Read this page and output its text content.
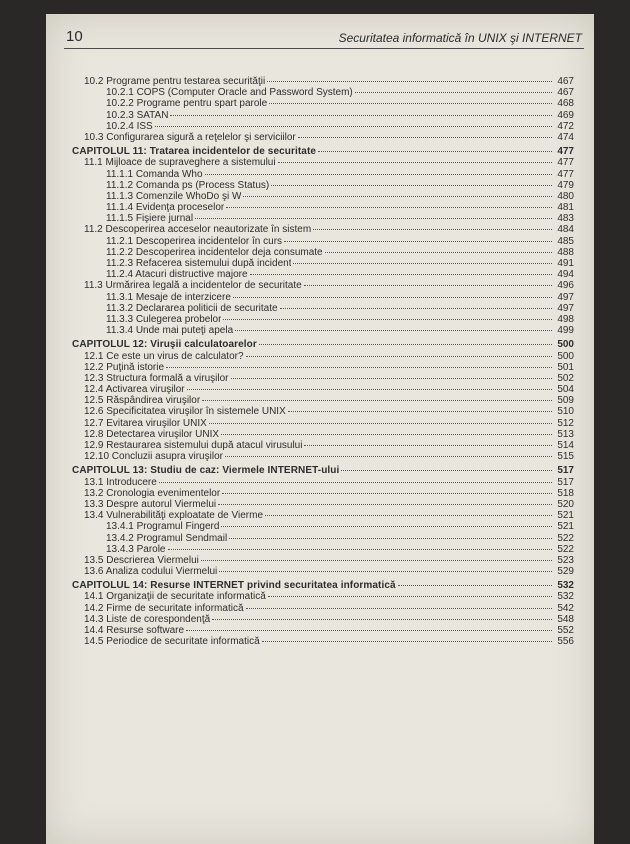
10	Securitatea informatică în UNIX şi INTERNET
10.2 Programe pentru testarea securităţii	467
10.2.1 COPS (Computer Oracle and Password System)	467
10.2.2 Programe pentru spart parole	468
10.2.3 SATAN	469
10.2.4 ISS	472
10.3 Configurarea sigură a reţelelor şi serviciilor	474
CAPITOLUL 11: Tratarea incidentelor de securitate	477
11.1 Mijloace de supraveghere a sistemului	477
11.1.1 Comanda Who	477
11.1.2 Comanda ps (Process Status)	479
11.1.3 Comenzile WhoDo şi W	480
11.1.4 Evidenţa proceselor	481
11.1.5 Fişiere jurnal	483
11.2 Descoperirea acceselor neautorizate în sistem	484
11.2.1 Descoperirea incidentelor în curs	485
11.2.2 Descoperirea incidentelor deja consumate	488
11.2.3 Refacerea sistemului după incident	491
11.2.4 Atacuri distructive majore	494
11.3 Urmărirea legală a incidentelor de securitate	496
11.3.1 Mesaje de interzicere	497
11.3.2 Declararea politicii de securitate	497
11.3.3 Culegerea probelor	498
11.3.4 Unde mai puteţi apela	499
CAPITOLUL 12: Viruşii calculatoarelor	500
12.1 Ce este un virus de calculator?	500
12.2 Puţină istorie	501
12.3 Structura formală a viruşilor	502
12.4 Activarea viruşilor	504
12.5 Răspândirea viruşilor	509
12.6 Specificitatea viruşilor în sistemele UNIX	510
12.7 Evitarea viruşilor UNIX	512
12.8 Detectarea viruşilor UNIX	513
12.9 Restaurarea sistemului după atacul virusului	514
12.10 Concluzii asupra viruşilor	515
CAPITOLUL 13: Studiu de caz: Viermele INTERNET-ului	517
13.1 Introducere	517
13.2 Cronologia evenimentelor	518
13.3 Despre autorul Viermelui	520
13.4 Vulnerabilităţi exploatate de Vierme	521
13.4.1 Programul Fingerd	521
13.4.2 Programul Sendmail	522
13.4.3 Parole	522
13.5 Descrierea Viermelui	523
13.6 Analiza codului Viermelui	529
CAPITOLUL 14: Resurse INTERNET privind securitatea informatică	532
14.1 Organizaţii de securitate informatică	532
14.2 Firme de securitate informatică	542
14.3 Liste de corespondenţă	548
14.4 Resurse software	552
14.5 Periodice de securitate informatică	556
